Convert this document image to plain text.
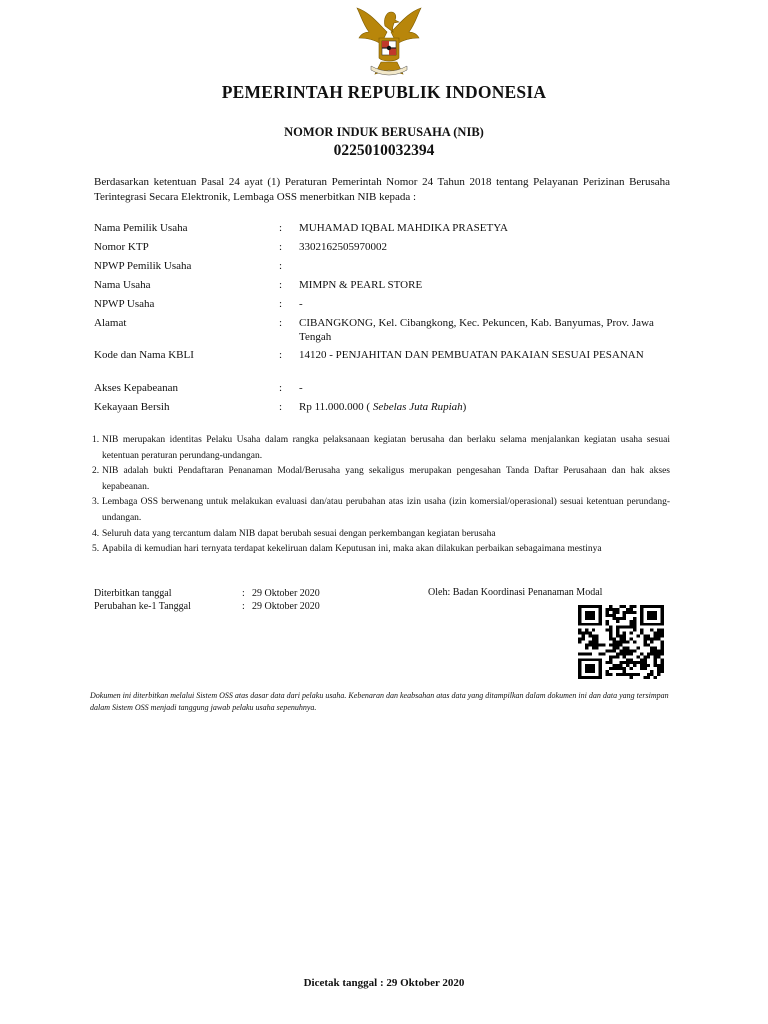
PEMERINTAH REPUBLIK INDONESIA
NOMOR INDUK BERUSAHA (NIB)
0225010032394

Berdasarkan ketentuan Pasal 24 ayat (1) Peraturan Pemerintah Nomor 24 Tahun 2018 tentang Pelayanan Perizinan Berusaha Terintegrasi Secara Elektronik, Lembaga OSS menerbitkan NIB kepada :

Nama Pemilik Usaha	: MUHAMAD IQBAL MAHDIKA PRASETYA
Nomor KTP	: 3302162505970002
NPWP Pemilik Usaha	:
Nama Usaha	: MIMPN & PEARL STORE
NPWP Usaha	: -
Alamat	: CIBANGKONG, Kel. Cibangkong, Kec. Pekuncen, Kab. Banyumas, Prov. Jawa Tengah
Kode dan Nama KBLI	: 14120 - PENJAHITAN DAN PEMBUATAN PAKAIAN SESUAI PESANAN
Akses Kepabeanan	: -
Kekayaan Bersih	: Rp 11.000.000 ( Sebelas Juta Rupiah)
1. NIB merupakan identitas Pelaku Usaha dalam rangka pelaksanaan kegiatan berusaha dan berlaku selama menjalankan kegiatan usaha sesuai ketentuan peraturan perundang-undangan.
2. NIB adalah bukti Pendaftaran Penanaman Modal/Berusaha yang sekaligus merupakan pengesahan Tanda Daftar Perusahaan dan hak akses kepabeanan.
3. Lembaga OSS berwenang untuk melakukan evaluasi dan/atau perubahan atas izin usaha (izin komersial/operasional) sesuai ketentuan perundang-undangan.
4. Seluruh data yang tercantum dalam NIB dapat berubah sesuai dengan perkembangan kegiatan berusaha
5. Apabila di kemudian hari ternyata terdapat kekeliruan dalam Keputusan ini, maka akan dilakukan perbaikan sebagaimana mestinya
Diterbitkan tanggal	: 29 Oktober 2020
Perubahan ke-1 Tanggal	: 29 Oktober 2020
Oleh: Badan Koordinasi Penanaman Modal

Dokumen ini diterbitkan melalui Sistem OSS atas dasar data dari pelaku usaha. Kebenaran dan keabsahan atas data yang ditampilkan dalam dokumen ini dan data yang tersimpan dalam Sistem OSS menjadi tanggung jawab pelaku usaha sepenuhnya.

Dicetak tanggal : 29 Oktober 2020
